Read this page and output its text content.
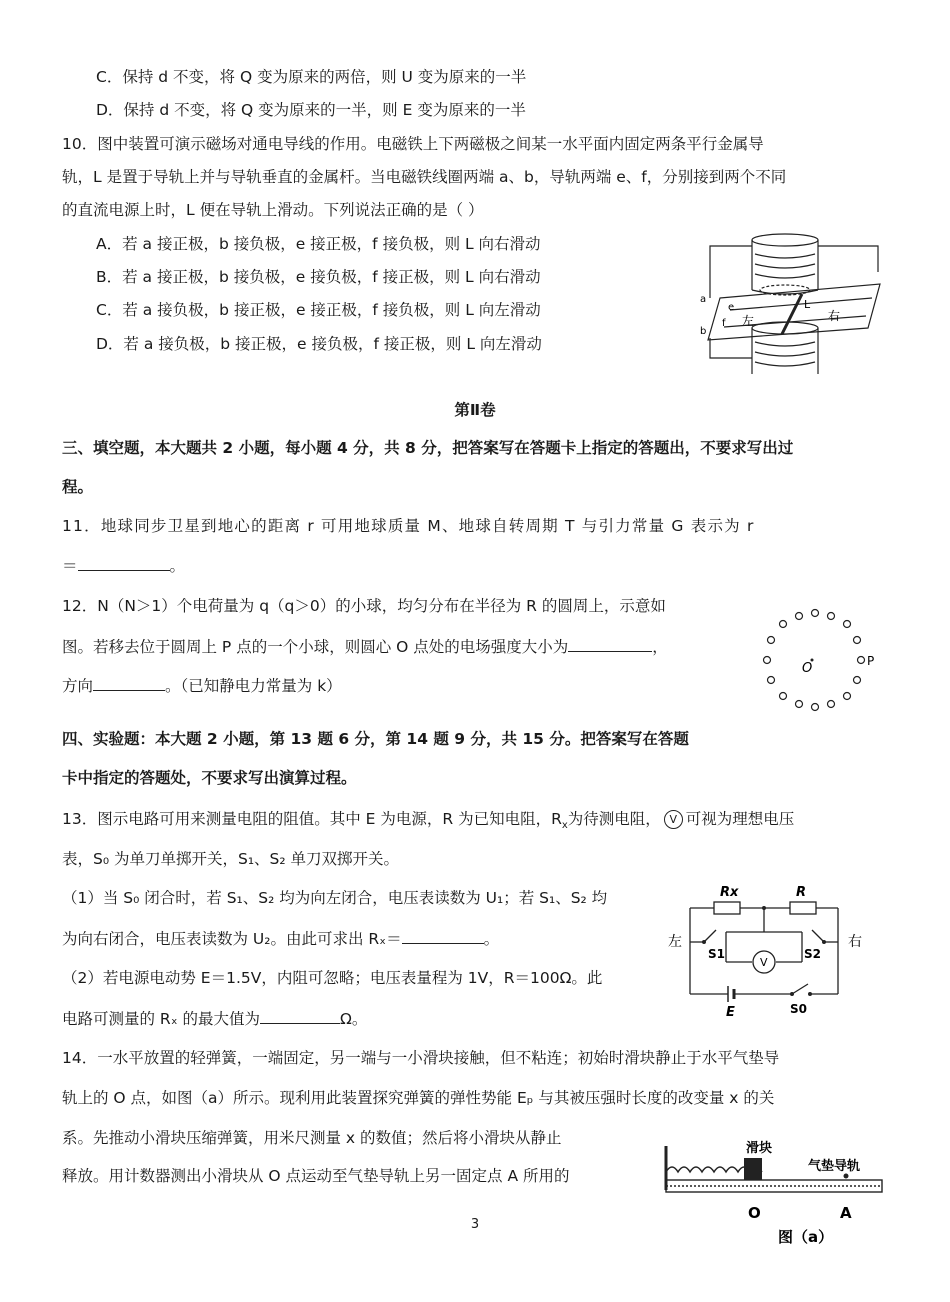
C．保持 d 不变，将 Q 变为原来的两倍，则 U 变为原来的一半
D．保持 d 不变，将 Q 变为原来的一半，则 E 变为原来的一半
10．图中装置可演示磁场对通电导线的作用。电磁铁上下两磁极之间某一水平面内固定两条平行金属导
轨，L 是置于导轨上并与导轨垂直的金属杆。当电磁铁线圈两端 a、b，导轨两端 e、f，分别接到两个不同
的直流电源上时，L 便在导轨上滑动。下列说法正确的是（ ）
A．若 a 接正极，b 接负极，e 接正极，f 接负极，则 L 向右滑动
B．若 a 接正极，b 接负极，e 接负极，f 接正极，则 L 向右滑动
C．若 a 接负极，b 接正极，e 接正极，f 接负极，则 L 向左滑动
D．若 a 接负极，b 接正极，e 接负极，f 接正极，则 L 向左滑动
a
b
e
f 左	右
L
第Ⅱ卷
三、填空题，本大题共 2 小题，每小题 4 分，共 8 分，把答案写在答题卡上指定的答题出，不要求写出过
程。
11．地球同步卫星到地心的距离 r 可用地球质量 M、地球自转周期 T 与引力常量 G 表示为 r
＝	。
12．N（N＞1）个电荷量为 q（q＞0）的小球，均匀分布在半径为 R 的圆周上，示意如
图。若移去位于圆周上 P 点的一个小球，则圆心 O 点处的电场强度大小为	，
方向	。（已知静电力常量为 k）
O	P
四、实验题：本大题 2 小题，第 13 题 6 分，第 14 题 9 分，共 15 分。把答案写在答题
卡中指定的答题处，不要求写出演算过程。
13．图示电路可用来测量电阻的阻值。其中 E 为电源，R 为已知电阻，$R_x$为待测电阻， V 可视为理想电压
表，S₀ 为单刀单掷开关，S₁、S₂ 单刀双掷开关。
（1）当 S₀ 闭合时，若 S₁、S₂ 均为向左闭合，电压表读数为 U₁；若 S₁、S₂ 均
为向右闭合，电压表读数为 U₂。由此可求出 Rₓ＝	。
（2）若电源电动势 E＝1.5V，内阻可忽略；电压表量程为 1V，R＝100Ω。此
电路可测量的 Rₓ 的最大值为	Ω。
Rx	R
左	右
S1	S2
V
E	S0
14．一水平放置的轻弹簧，一端固定，另一端与一小滑块接触，但不粘连；初始时滑块静止于水平气垫导
轨上的 O 点，如图（a）所示。现利用此装置探究弹簧的弹性势能 Eₚ 与其被压强时长度的改变量 x 的关
系。先推动小滑块压缩弹簧，用米尺测量 x 的数值；然后将小滑块从静止
释放。用计数器测出小滑块从 O 点运动至气垫导轨上另一固定点 A 所用的
滑块
气垫导轨
O	A
图（a）
3
